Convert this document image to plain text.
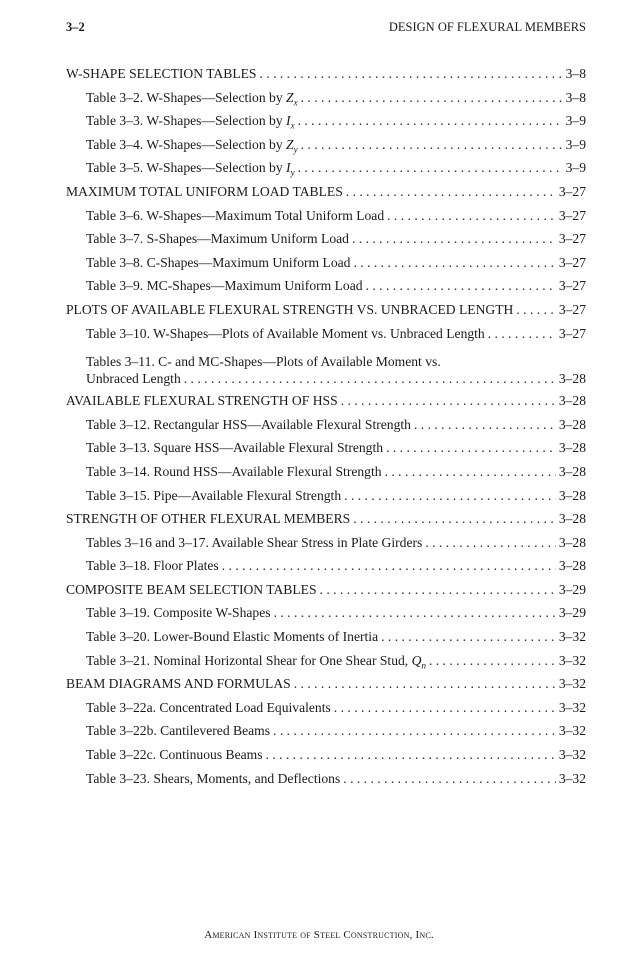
3–2	DESIGN OF FLEXURAL MEMBERS
W-SHAPE SELECTION TABLES . . .	3–8
Table 3–2. W-Shapes—Selection by $Z_x$ . . .	3–8
Table 3–3. W-Shapes—Selection by $I_x$ . . .	3–9
Table 3–4. W-Shapes—Selection by $Z_y$ . . .	3–9
Table 3–5. W-Shapes—Selection by $I_y$ . . .	3–9
MAXIMUM TOTAL UNIFORM LOAD TABLES . . .	3–27
Table 3–6. W-Shapes—Maximum Total Uniform Load . . .	3–27
Table 3–7. S-Shapes—Maximum Uniform Load . . .	3–27
Table 3–8. C-Shapes—Maximum Uniform Load . . .	3–27
Table 3–9. MC-Shapes—Maximum Uniform Load . . .	3–27
PLOTS OF AVAILABLE FLEXURAL STRENGTH VS. UNBRACED LENGTH . . .	3–27
Table 3–10. W-Shapes—Plots of Available Moment vs. Unbraced Length . . .	3–27
Tables 3–11. C- and MC-Shapes—Plots of Available Moment vs.
Unbraced Length . . .	3–28
AVAILABLE FLEXURAL STRENGTH OF HSS . . .	3–28
Table 3–12. Rectangular HSS—Available Flexural Strength . . .	3–28
Table 3–13. Square HSS—Available Flexural Strength . . .	3–28
Table 3–14. Round HSS—Available Flexural Strength . . .	3–28
Table 3–15. Pipe—Available Flexural Strength . . .	3–28
STRENGTH OF OTHER FLEXURAL MEMBERS . . .	3–28
Tables 3–16 and 3–17. Available Shear Stress in Plate Girders . . .	3–28
Table 3–18. Floor Plates . . .	3–28
COMPOSITE BEAM SELECTION TABLES . . .	3–29
Table 3–19. Composite W-Shapes . . .	3–29
Table 3–20. Lower-Bound Elastic Moments of Inertia . . .	3–32
Table 3–21. Nominal Horizontal Shear for One Shear Stud, $Q_n$ . . .	3–32
BEAM DIAGRAMS AND FORMULAS . . .	3–32
Table 3–22a. Concentrated Load Equivalents . . .	3–32
Table 3–22b. Cantilevered Beams . . .	3–32
Table 3–22c. Continuous Beams . . .	3–32
Table 3–23. Shears, Moments, and Deflections . . .	3–32
American Institute of Steel Construction, Inc.
